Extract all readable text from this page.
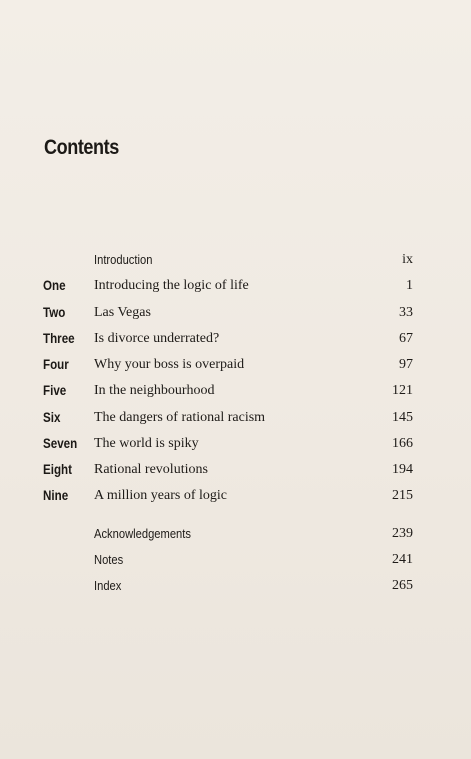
Contents
Introduction	ix
One Introducing the logic of life	1
Two Las Vegas	33
Three Is divorce underrated?	67
Four Why your boss is overpaid	97
Five In the neighbourhood	121
Six The dangers of rational racism	145
Seven The world is spiky	166
Eight Rational revolutions	194
Nine A million years of logic	215
Acknowledgements	239
Notes	241
Index	265
